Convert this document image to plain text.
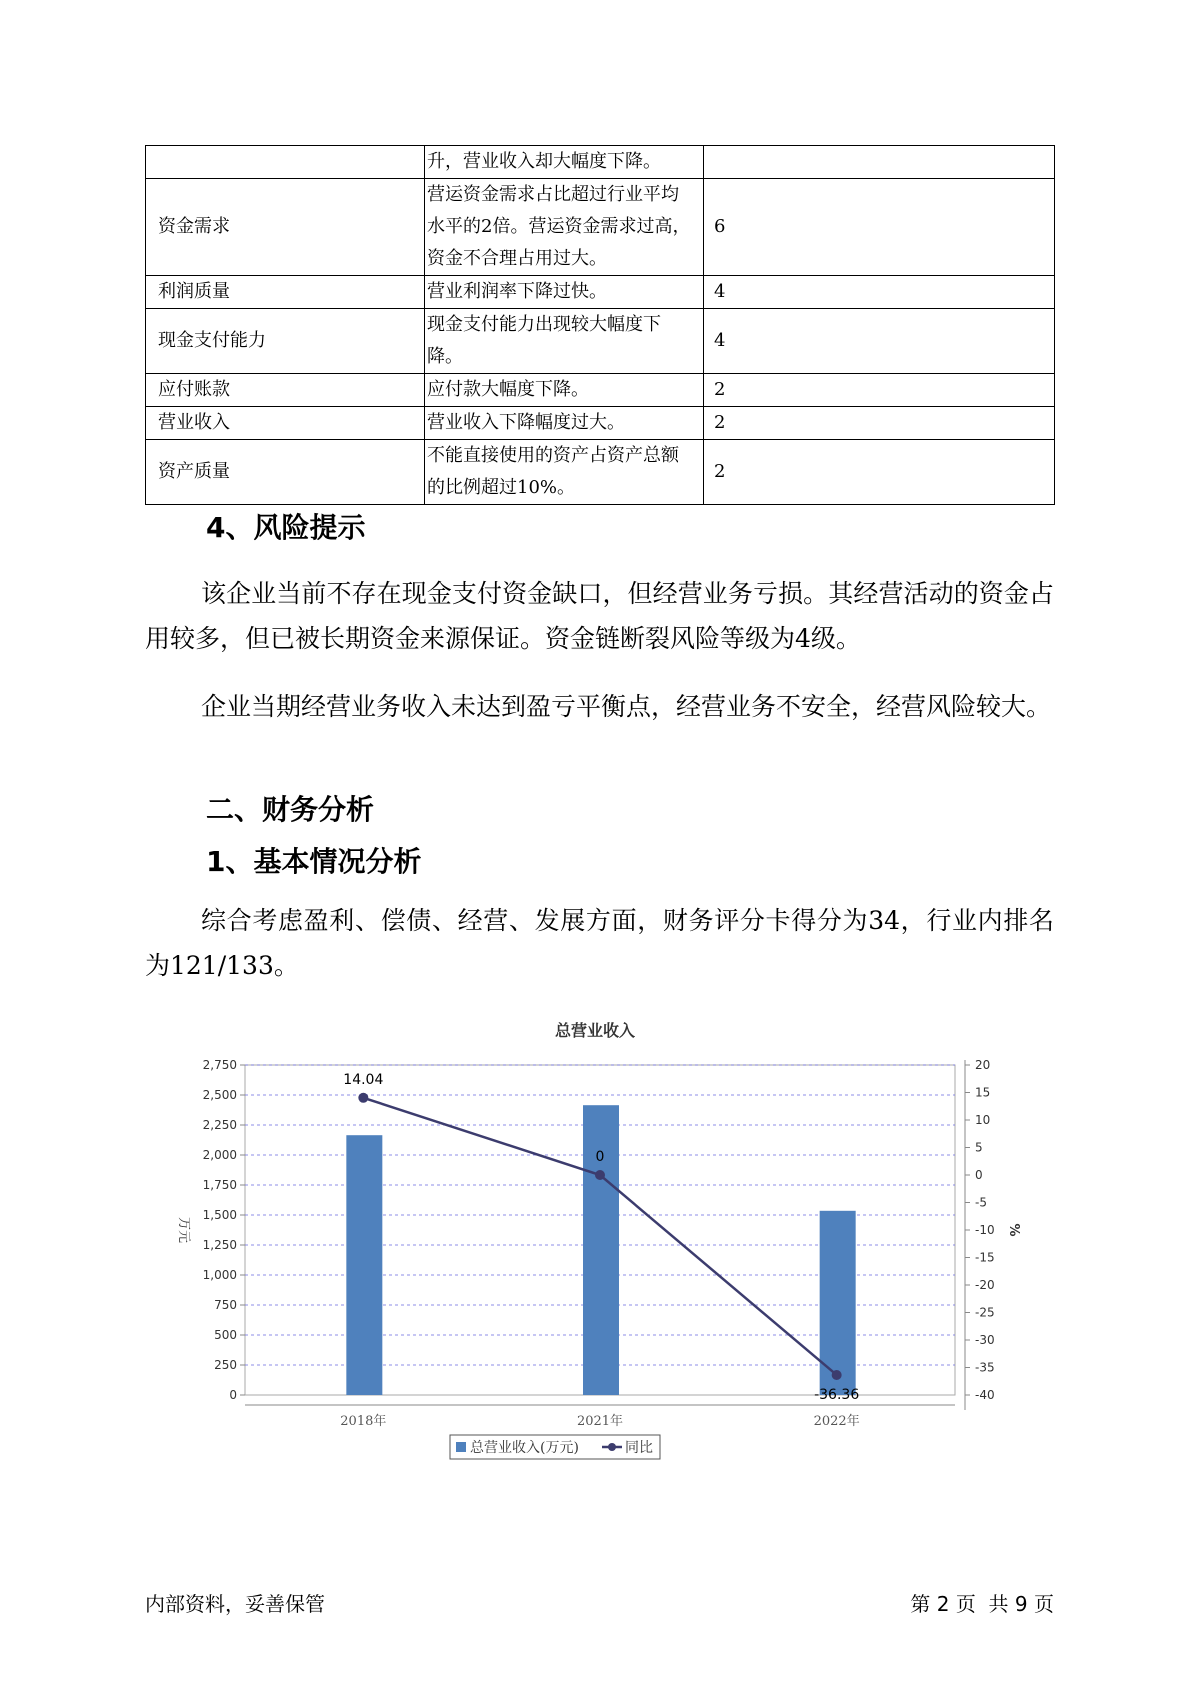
	升，营业收入却大幅度下降。	
资金需求	营运资金需求占比超过行业平均水平的2倍。营运资金需求过高，资金不合理占用过大。	6
利润质量	营业利润率下降过快。	4
现金支付能力	现金支付能力出现较大幅度下降。	4
应付账款	应付款大幅度下降。	2
营业收入	营业收入下降幅度过大。	2
资产质量	不能直接使用的资产占资产总额的比例超过10%。	2
4、风险提示

该企业当前不存在现金支付资金缺口，但经营业务亏损。其经营活动的资金占用较多，但已被长期资金来源保证。资金链断裂风险等级为4级。

企业当期经营业务收入未达到盈亏平衡点，经营业务不安全，经营风险较大。

二、财务分析
1、基本情况分析

综合考虑盈利、偿债、经营、发展方面，财务评分卡得分为34，行业内排名为121/133。

0
250
500
750
1,000
1,250
1,500
1,750
2,000
2,250
2,500
2,750	20
15
10
5
0
-5
-10
-15
-20
-25
-30
-35
-40
总营业收入
万元	%
2018年	2021年	2022年
14.04
0
-36.36
总营业收入(万元)	同比
内部资料，妥善保管	第 2 页  共 9 页
